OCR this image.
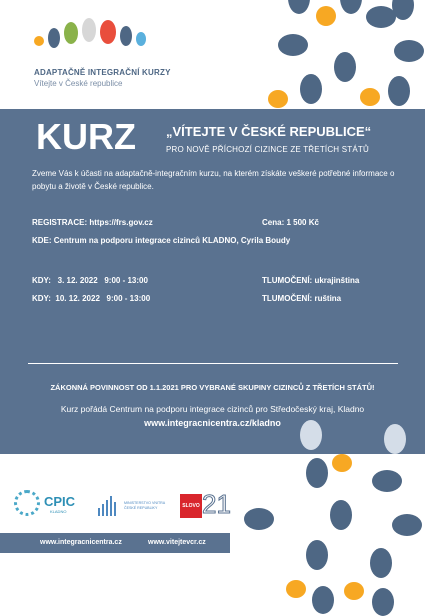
ADAPTAČNĚ INTEGRAČNÍ KURZY
Vítejte v České republice
KURZ „VÍTEJTE V ČESKÉ REPUBLICE“
PRO NOVĚ PŘÍCHOZÍ CIZINCE ZE TŘETÍCH STÁTŮ
Zveme Vás k účasti na adaptačně-integračním kurzu, na kterém získáte veškeré potřebné informace o pobytu a životě v České republice.
REGISTRACE: https://frs.gov.cz	Cena: 1 500 Kč
KDE: Centrum na podporu integrace cizinců KLADNO, Cyrila Boudy
KDY:   3. 12. 2022   9:00 - 13:00	TLUMOČENÍ: ukrajinština
KDY:  10. 12. 2022   9:00 - 13:00	TLUMOČENÍ: ruština
ZÁKONNÁ POVINNOST OD 1.1.2021 PRO VYBRANÉ SKUPINY CIZINCŮ Z TŘETÍCH STÁTŮ!
Kurz pořádá Centrum na podporu integrace cizinců pro Středočeský kraj, Kladno
www.integracnicentra.cz/kladno
CPIC
KLADNO
MINISTERSTVO VNITRA ČESKÉ REPUBLIKY	SLOVO 21
www.integracnicentra.cz	www.vitejtevcr.cz
